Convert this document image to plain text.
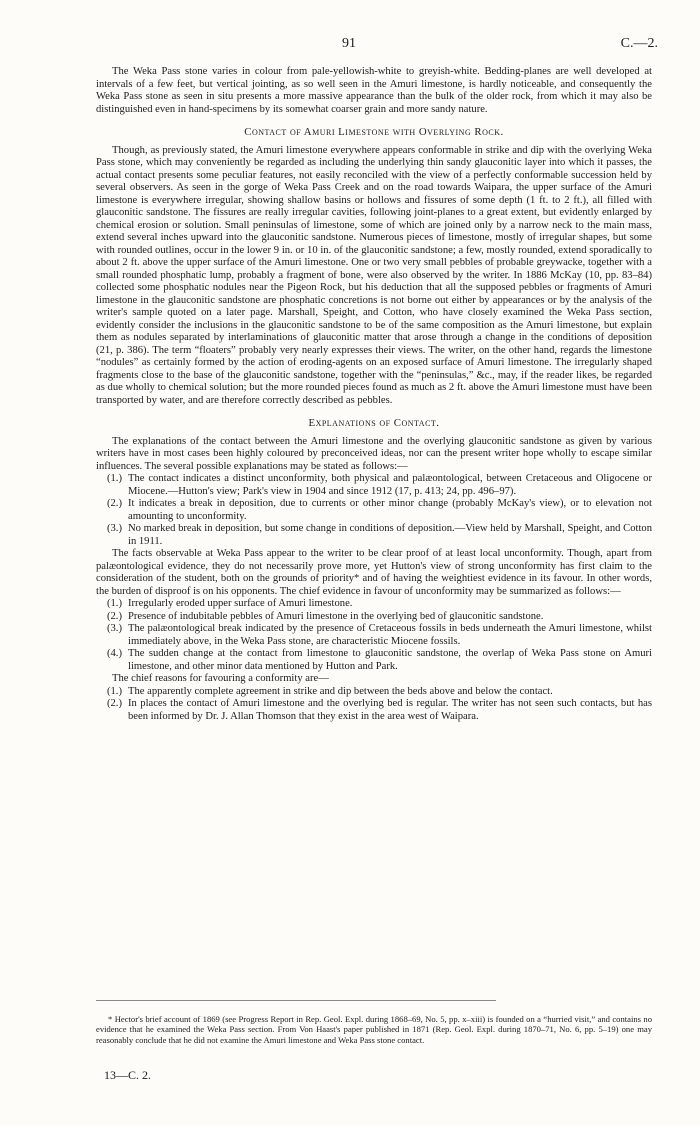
91	C.—2.

The Weka Pass stone varies in colour from pale-yellowish-white to greyish-white. Bedding-planes are well developed at intervals of a few feet, but vertical jointing, as so well seen in the Amuri limestone, is hardly noticeable, and consequently the Weka Pass stone as seen in situ presents a more massive appearance than the bulk of the older rock, from which it may also be distinguished even in hand-specimens by its somewhat coarser grain and more sandy nature.

Contact of Amuri Limestone with Overlying Rock.

Though, as previously stated, the Amuri limestone everywhere appears conformable in strike and dip with the overlying Weka Pass stone, which may conveniently be regarded as including the underlying thin sandy glauconitic layer into which it passes, the actual contact presents some peculiar features, not easily reconciled with the view of a perfectly conformable succession held by several observers. As seen in the gorge of Weka Pass Creek and on the road towards Waipara, the upper surface of the Amuri limestone is everywhere irregular, showing shallow basins or hollows and fissures of some depth (1 ft. to 2 ft.), all filled with glauconitic sandstone. The fissures are really irregular cavities, following joint-planes to a great extent, but evidently enlarged by chemical erosion or solution. Small peninsulas of limestone, some of which are joined only by a narrow neck to the main mass, extend several inches upward into the glauconitic sandstone. Numerous pieces of limestone, mostly of irregular shapes, but some with rounded outlines, occur in the lower 9 in. or 10 in. of the glauconitic sandstone; a few, mostly rounded, extend sporadically to about 2 ft. above the upper surface of the Amuri limestone. One or two very small pebbles of probable greywacke, together with a small rounded phosphatic lump, probably a fragment of bone, were also observed by the writer. In 1886 McKay (10, pp. 83–84) collected some phosphatic nodules near the Pigeon Rock, but his deduction that all the supposed pebbles or fragments of Amuri limestone in the glauconitic sandstone are phosphatic concretions is not borne out either by appearances or by the analysis of the writer's sample quoted on a later page. Marshall, Speight, and Cotton, who have closely examined the Weka Pass section, evidently consider the inclusions in the glauconitic sandstone to be of the same composition as the Amuri limestone, but explain them as nodules separated by interlaminations of glauconitic matter that arose through a change in the conditions of deposition (21, p. 386). The term “floaters” probably very nearly expresses their views. The writer, on the other hand, regards the limestone “nodules” as certainly formed by the action of eroding-agents on an exposed surface of Amuri limestone. The irregularly shaped fragments close to the base of the glauconitic sandstone, together with the “peninsulas,” &c., may, if the reader likes, be regarded as due wholly to chemical solution; but the more rounded pieces found as much as 2 ft. above the Amuri limestone must have been transported by water, and are therefore correctly described as pebbles.

Explanations of Contact.

The explanations of the contact between the Amuri limestone and the overlying glauconitic sandstone as given by various writers have in most cases been highly coloured by preconceived ideas, nor can the present writer hope wholly to escape similar influences. The several possible explanations may be stated as follows:—

(1.) The contact indicates a distinct unconformity, both physical and palæontological, between Cretaceous and Oligocene or Miocene.—Hutton's view; Park's view in 1904 and since 1912 (17, p. 413; 24, pp. 496–97).
(2.) It indicates a break in deposition, due to currents or other minor change (probably McKay's view), or to elevation not amounting to unconformity.
(3.) No marked break in deposition, but some change in conditions of deposition.—View held by Marshall, Speight, and Cotton in 1911.

The facts observable at Weka Pass appear to the writer to be clear proof of at least local unconformity. Though, apart from palæontological evidence, they do not necessarily prove more, yet Hutton's view of strong unconformity has first claim to the consideration of the student, both on the grounds of priority* and of having the weightiest evidence in its favour. In other words, the burden of disproof is on his opponents. The chief evidence in favour of unconformity may be summarized as follows:—

(1.) Irregularly eroded upper surface of Amuri limestone.
(2.) Presence of indubitable pebbles of Amuri limestone in the overlying bed of glauconitic sandstone.
(3.) The palæontological break indicated by the presence of Cretaceous fossils in beds underneath the Amuri limestone, whilst immediately above, in the Weka Pass stone, are characteristic Miocene fossils.
(4.) The sudden change at the contact from limestone to glauconitic sandstone, the overlap of Weka Pass stone on Amuri limestone, and other minor data mentioned by Hutton and Park.

The chief reasons for favouring a conformity are—

(1.) The apparently complete agreement in strike and dip between the beds above and below the contact.
(2.) In places the contact of Amuri limestone and the overlying bed is regular. The writer has not seen such contacts, but has been informed by Dr. J. Allan Thomson that they exist in the area west of Waipara.

* Hector's brief account of 1869 (see Progress Report in Rep. Geol. Expl. during 1868–69, No. 5, pp. x–xiii) is founded on a “hurried visit,” and contains no evidence that he examined the Weka Pass section. From Von Haast's paper published in 1871 (Rep. Geol. Expl. during 1870–71, No. 6, pp. 5–19) one may reasonably conclude that he did not examine the Amuri limestone and Weka Pass stone contact.

13—C. 2.
